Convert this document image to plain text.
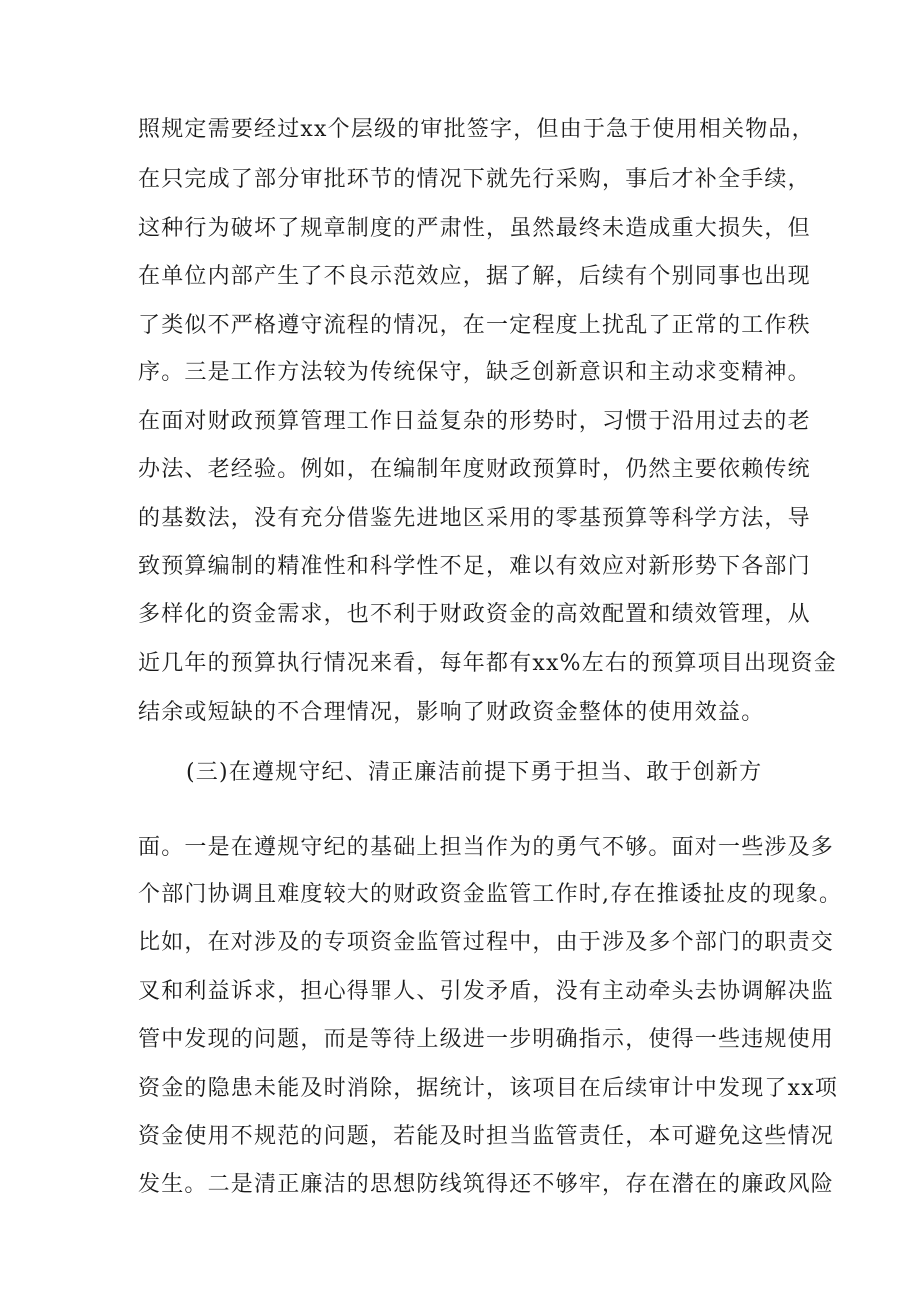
照规定需要经过xx个层级的审批签字，但由于急于使用相关物品，
在只完成了部分审批环节的情况下就先行采购，事后才补全手续，
这种行为破坏了规章制度的严肃性，虽然最终未造成重大损失，但
在单位内部产生了不良示范效应，据了解，后续有个别同事也出现
了类似不严格遵守流程的情况，在一定程度上扰乱了正常的工作秩
序。三是工作方法较为传统保守，缺乏创新意识和主动求变精神。
在面对财政预算管理工作日益复杂的形势时，习惯于沿用过去的老
办法、老经验。例如，在编制年度财政预算时，仍然主要依赖传统
的基数法，没有充分借鉴先进地区采用的零基预算等科学方法，导
致预算编制的精准性和科学性不足，难以有效应对新形势下各部门
多样化的资金需求，也不利于财政资金的高效配置和绩效管理，从
近几年的预算执行情况来看，每年都有xx%左右的预算项目出现资金
结余或短缺的不合理情况，影响了财政资金整体的使用效益。
(三)在遵规守纪、清正廉洁前提下勇于担当、敢于创新方
面。一是在遵规守纪的基础上担当作为的勇气不够。面对一些涉及多
个部门协调且难度较大的财政资金监管工作时,存在推诿扯皮的现象。
比如，在对涉及的专项资金监管过程中，由于涉及多个部门的职责交
叉和利益诉求，担心得罪人、引发矛盾，没有主动牵头去协调解决监
管中发现的问题，而是等待上级进一步明确指示，使得一些违规使用
资金的隐患未能及时消除，据统计，该项目在后续审计中发现了xx项
资金使用不规范的问题，若能及时担当监管责任，本可避免这些情况
发生。二是清正廉洁的思想防线筑得还不够牢，存在潜在的廉政风险
